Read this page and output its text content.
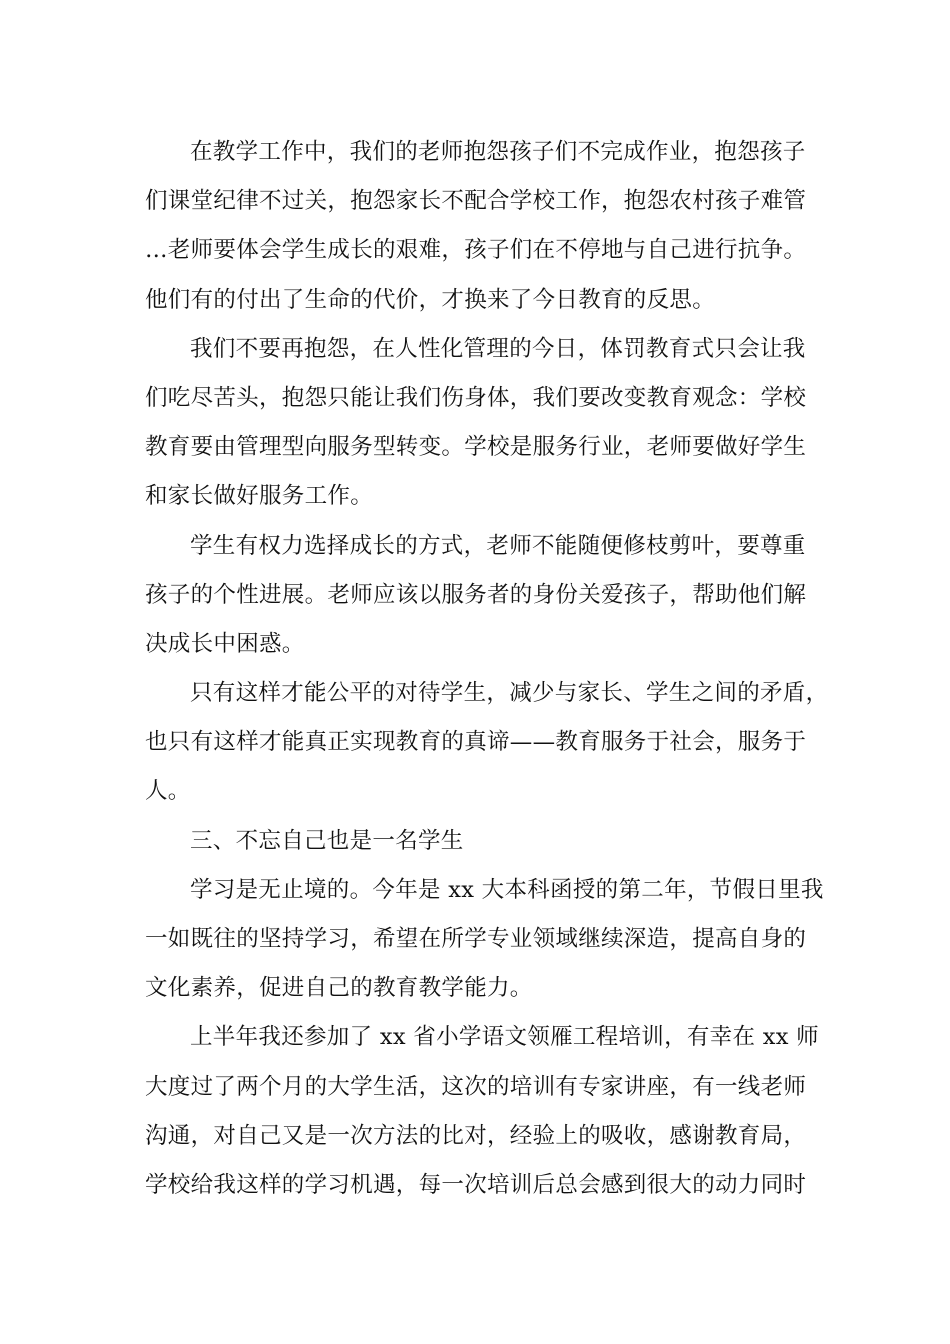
在教学工作中，我们的老师抱怨孩子们不完成作业，抱怨孩子
们课堂纪律不过关，抱怨家长不配合学校工作，抱怨农村孩子难管
…老师要体会学生成长的艰难，孩子们在不停地与自己进行抗争。
他们有的付出了生命的代价，才换来了今日教育的反思。
我们不要再抱怨，在人性化管理的今日，体罚教育式只会让我
们吃尽苦头，抱怨只能让我们伤身体，我们要改变教育观念：学校
教育要由管理型向服务型转变。学校是服务行业，老师要做好学生
和家长做好服务工作。
学生有权力选择成长的方式，老师不能随便修枝剪叶，要尊重
孩子的个性进展。老师应该以服务者的身份关爱孩子，帮助他们解
决成长中困惑。
只有这样才能公平的对待学生，减少与家长、学生之间的矛盾，
也只有这样才能真正实现教育的真谛——教育服务于社会，服务于
人。
三、不忘自己也是一名学生
学习是无止境的。今年是 xx 大本科函授的第二年，节假日里我
一如既往的坚持学习，希望在所学专业领域继续深造，提高自身的
文化素养，促进自己的教育教学能力。
上半年我还参加了 xx 省小学语文领雁工程培训，有幸在 xx 师
大度过了两个月的大学生活，这次的培训有专家讲座，有一线老师
沟通，对自己又是一次方法的比对，经验上的吸收，感谢教育局，
学校给我这样的学习机遇，每一次培训后总会感到很大的动力同时
